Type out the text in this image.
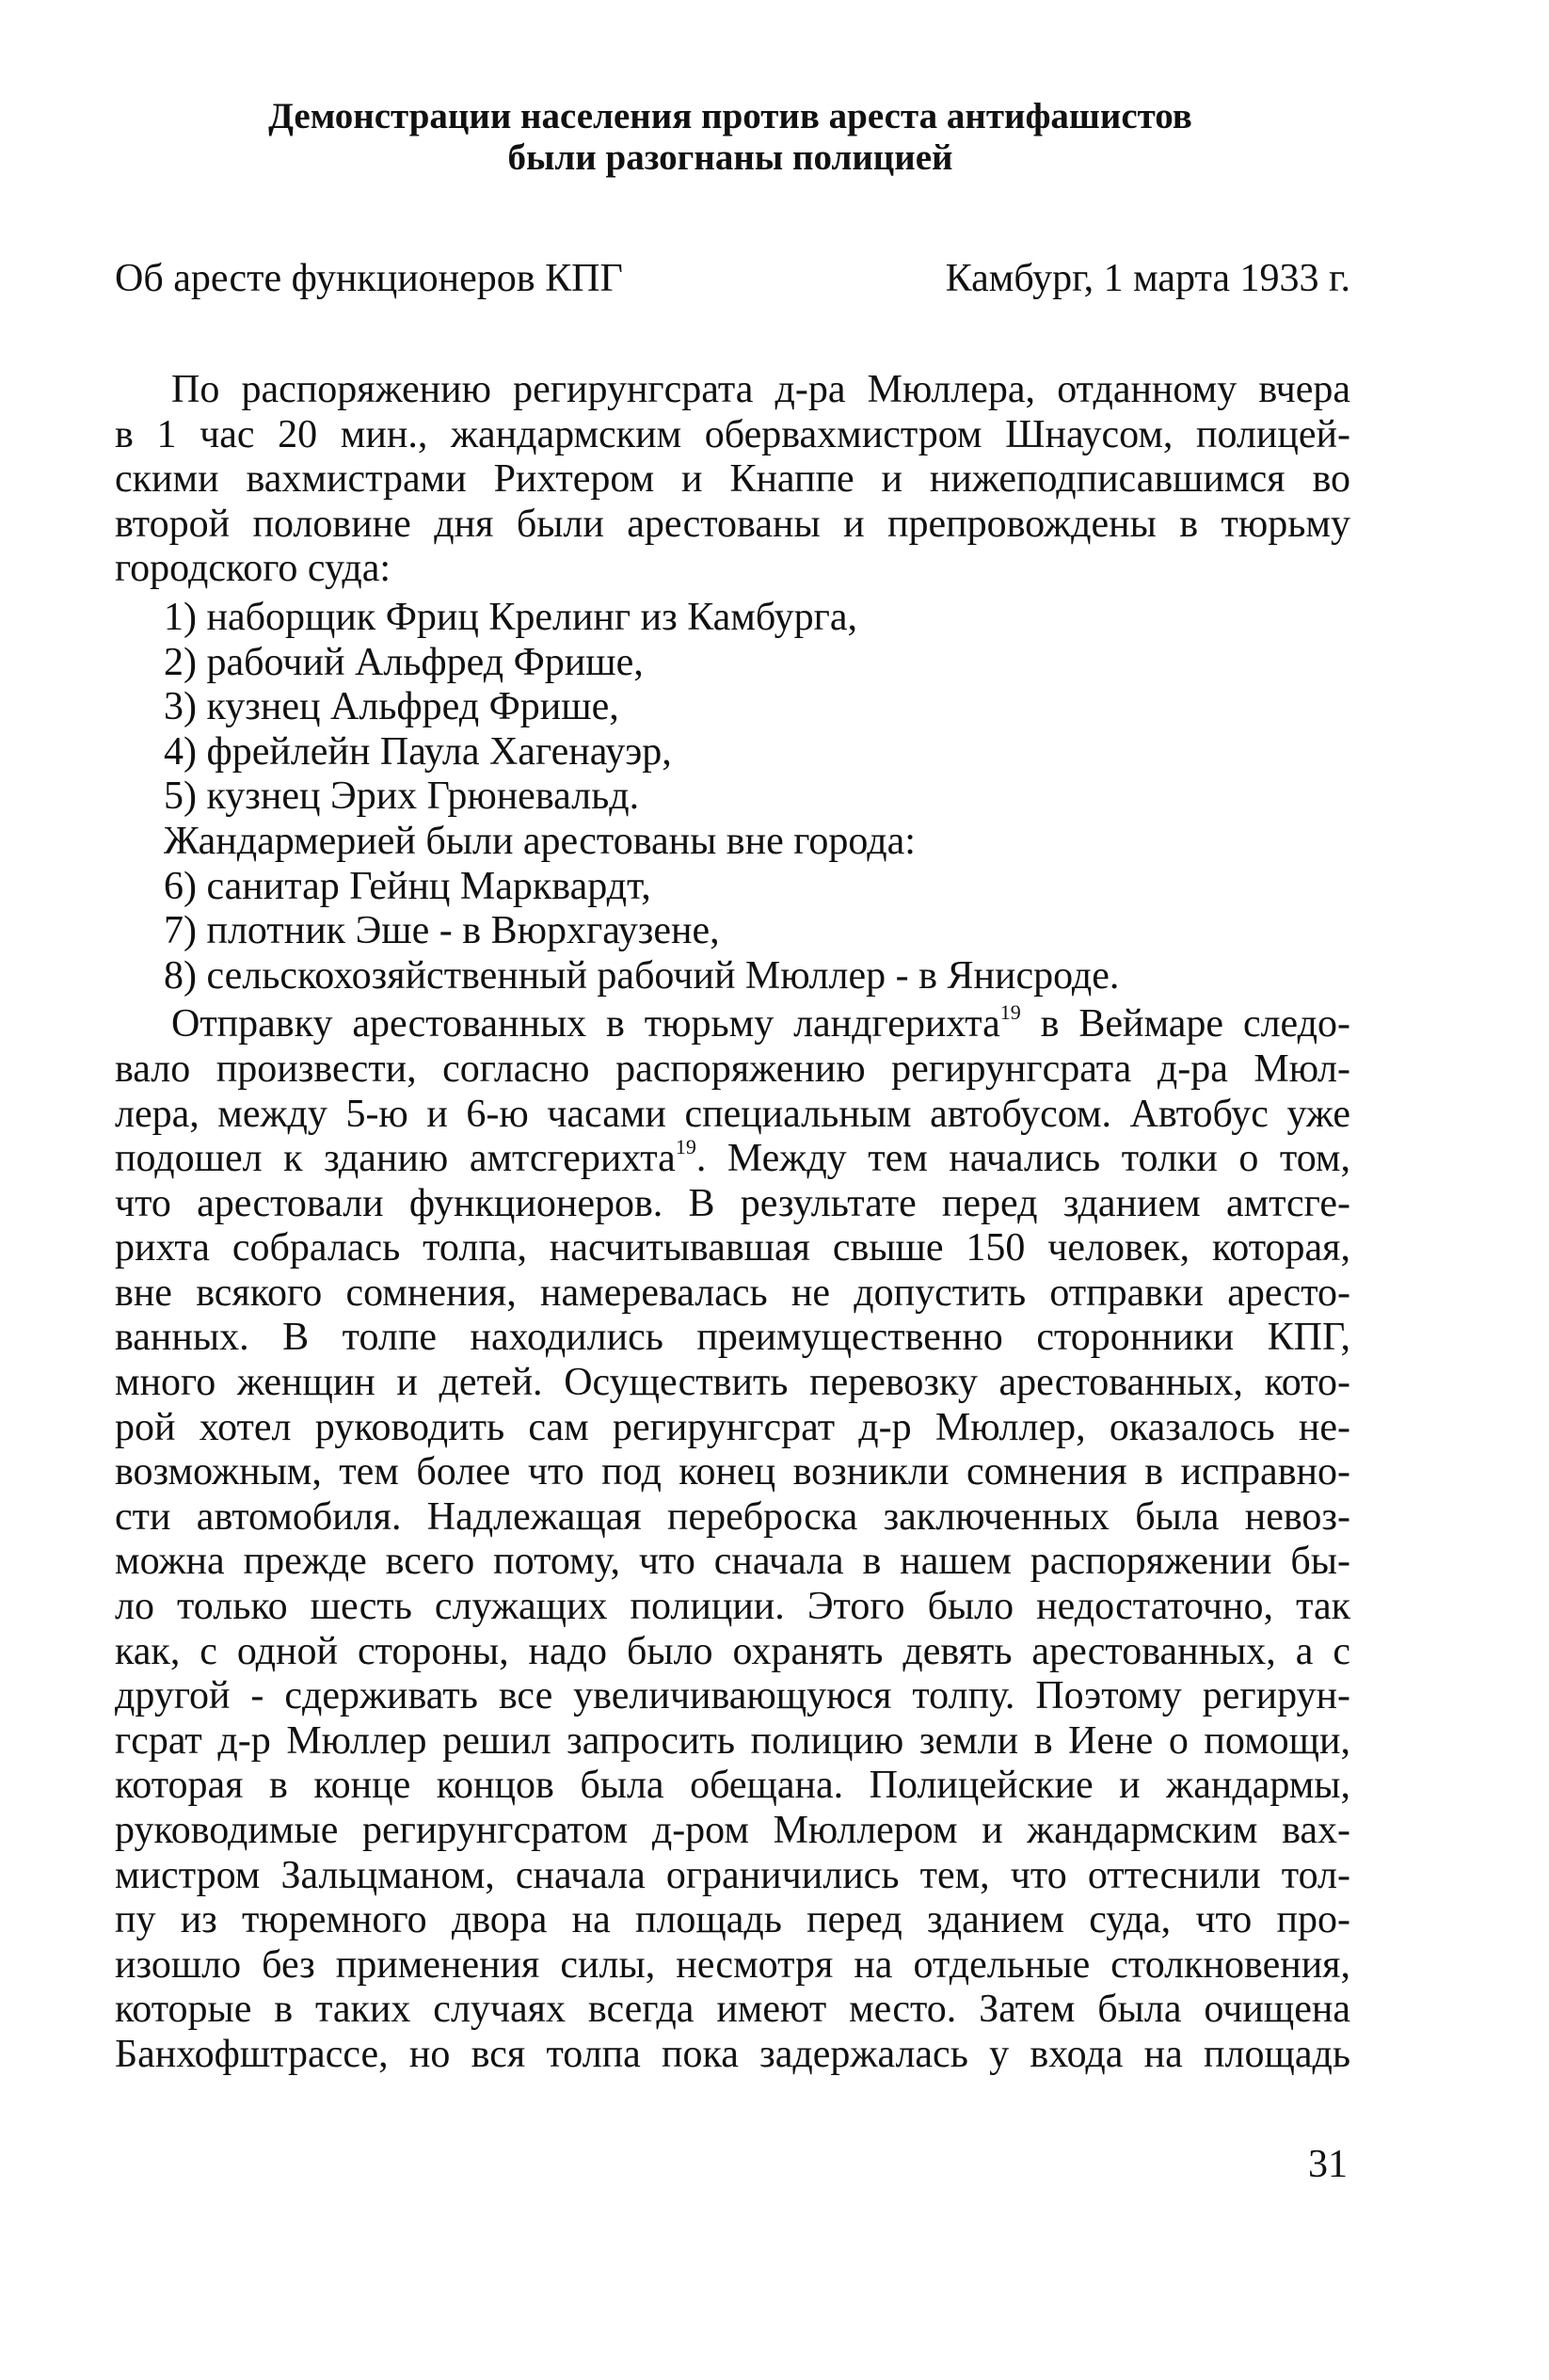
Демонстрации населения против ареста антифашистов
были разогнаны полицией
Об аресте функционеров КПГ	Камбург, 1 марта 1933 г.
По распоряжению регирунгсрата д-ра Мюллера, отданному вчера
в 1 час 20 мин., жандармским обервахмистром Шнаусом, полицей-
скими вахмистрами Рихтером и Кнаппе и нижеподписавшимся во
второй половине дня были арестованы и препровождены в тюрьму
городского суда:
1) наборщик Фриц Крелинг из Камбурга,
2) рабочий Альфред Фрише,
3) кузнец Альфред Фрише,
4) фрейлейн Паула Хагенауэр,
5) кузнец Эрих Грюневальд.
Жандармерией были арестованы вне города:
6) санитар Гейнц Марквардт,
7) плотник Эше - в Вюрхгаузене,
8) сельскохозяйственный рабочий Мюллер - в Янисроде.
Отправку арестованных в тюрьму ландгерихта$^{19}$ в Веймаре следо-
вало произвести, согласно распоряжению регирунгсрата д-ра Мюл-
лера, между 5-ю и 6-ю часами специальным автобусом. Автобус уже
подошел к зданию амтсгерихта$^{19}$. Между тем начались толки о том,
что арестовали функционеров. В результате перед зданием амтсге-
рихта собралась толпа, насчитывавшая свыше 150 человек, которая,
вне всякого сомнения, намеревалась не допустить отправки аресто-
ванных. В толпе находились преимущественно сторонники КПГ,
много женщин и детей. Осуществить перевозку арестованных, кото-
рой хотел руководить сам регирунгсрат д-р Мюллер, оказалось не-
возможным, тем более что под конец возникли сомнения в исправно-
сти автомобиля. Надлежащая переброска заключенных была невоз-
можна прежде всего потому, что сначала в нашем распоряжении бы-
ло только шесть служащих полиции. Этого было недостаточно, так
как, с одной стороны, надо было охранять девять арестованных, а с
другой - сдерживать все увеличивающуюся толпу. Поэтому регирун-
гсрат д-р Мюллер решил запросить полицию земли в Иене о помощи,
которая в конце концов была обещана. Полицейские и жандармы,
руководимые регирунгсратом д-ром Мюллером и жандармским вах-
мистром Зальцманом, сначала ограничились тем, что оттеснили тол-
пу из тюремного двора на площадь перед зданием суда, что про-
изошло без применения силы, несмотря на отдельные столкновения,
которые в таких случаях всегда имеют место. Затем была очищена
Банхофштрассе, но вся толпа пока задержалась у входа на площадь
31
